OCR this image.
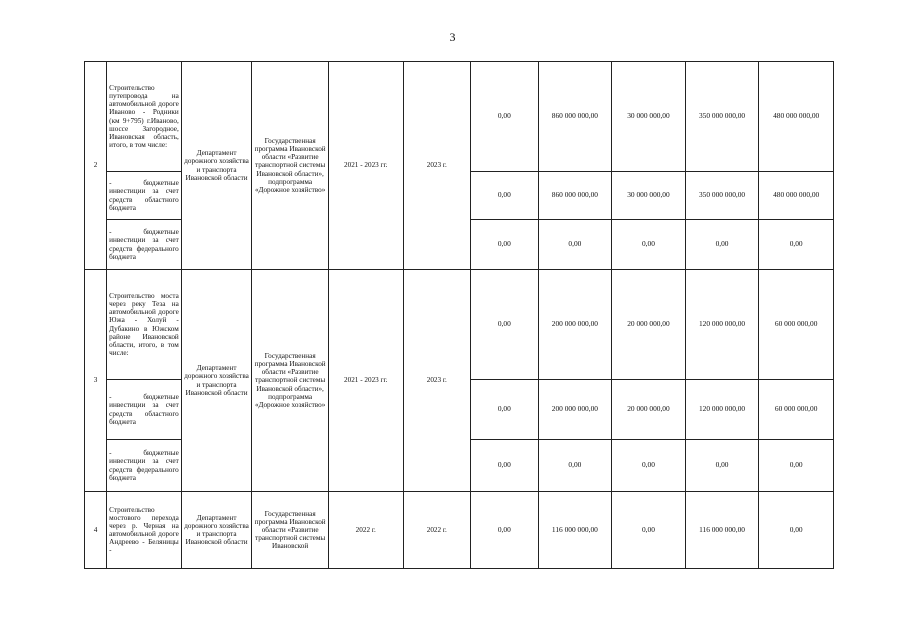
3
2	Строительство путепровода на автомобильной дороге Иваново - Родники (км 9+795) г.Иваново, шоссе Загородное, Ивановская область, итого, в том числе:	Департамент дорожного хозяйства и транспорта Ивановской области	Государственная программа Ивановской области «Развитие транспортной системы Ивановской области», подпрограмма «Дорожное хозяйство»	2021 - 2023 гг.	2023 г.	0,00	860 000 000,00	30 000 000,00	350 000 000,00	480 000 000,00
	- бюджетные инвестиции за счет средств областного бюджета					0,00	860 000 000,00	30 000 000,00	350 000 000,00	480 000 000,00
	- бюджетные инвестиции за счет средств федерального бюджета					0,00	0,00	0,00	0,00	0,00
3	Строительство моста через реку Теза на автомобильной дороге Южа - Холуй - Дубакино в Южском районе Ивановской области, итого, в том числе:	Департамент дорожного хозяйства и транспорта Ивановской области	Государственная программа Ивановской области «Развитие транспортной системы Ивановской области», подпрограмма «Дорожное хозяйство»	2021 - 2023 гг.	2023 г.	0,00	200 000 000,00	20 000 000,00	120 000 000,00	60 000 000,00
	- бюджетные инвестиции за счет средств областного бюджета					0,00	200 000 000,00	20 000 000,00	120 000 000,00	60 000 000,00
	- бюджетные инвестиции за счет средств федерального бюджета					0,00	0,00	0,00	0,00	0,00
4	Строительство мостового перехода через р. Черная на автомобильной дороге Андреево - Беляницы -	Департамент дорожного хозяйства и транспорта Ивановской области	Государственная программа Ивановской области «Развитие транспортной системы Ивановской	2022 г.	2022 г.	0,00	116 000 000,00	0,00	116 000 000,00	0,00
